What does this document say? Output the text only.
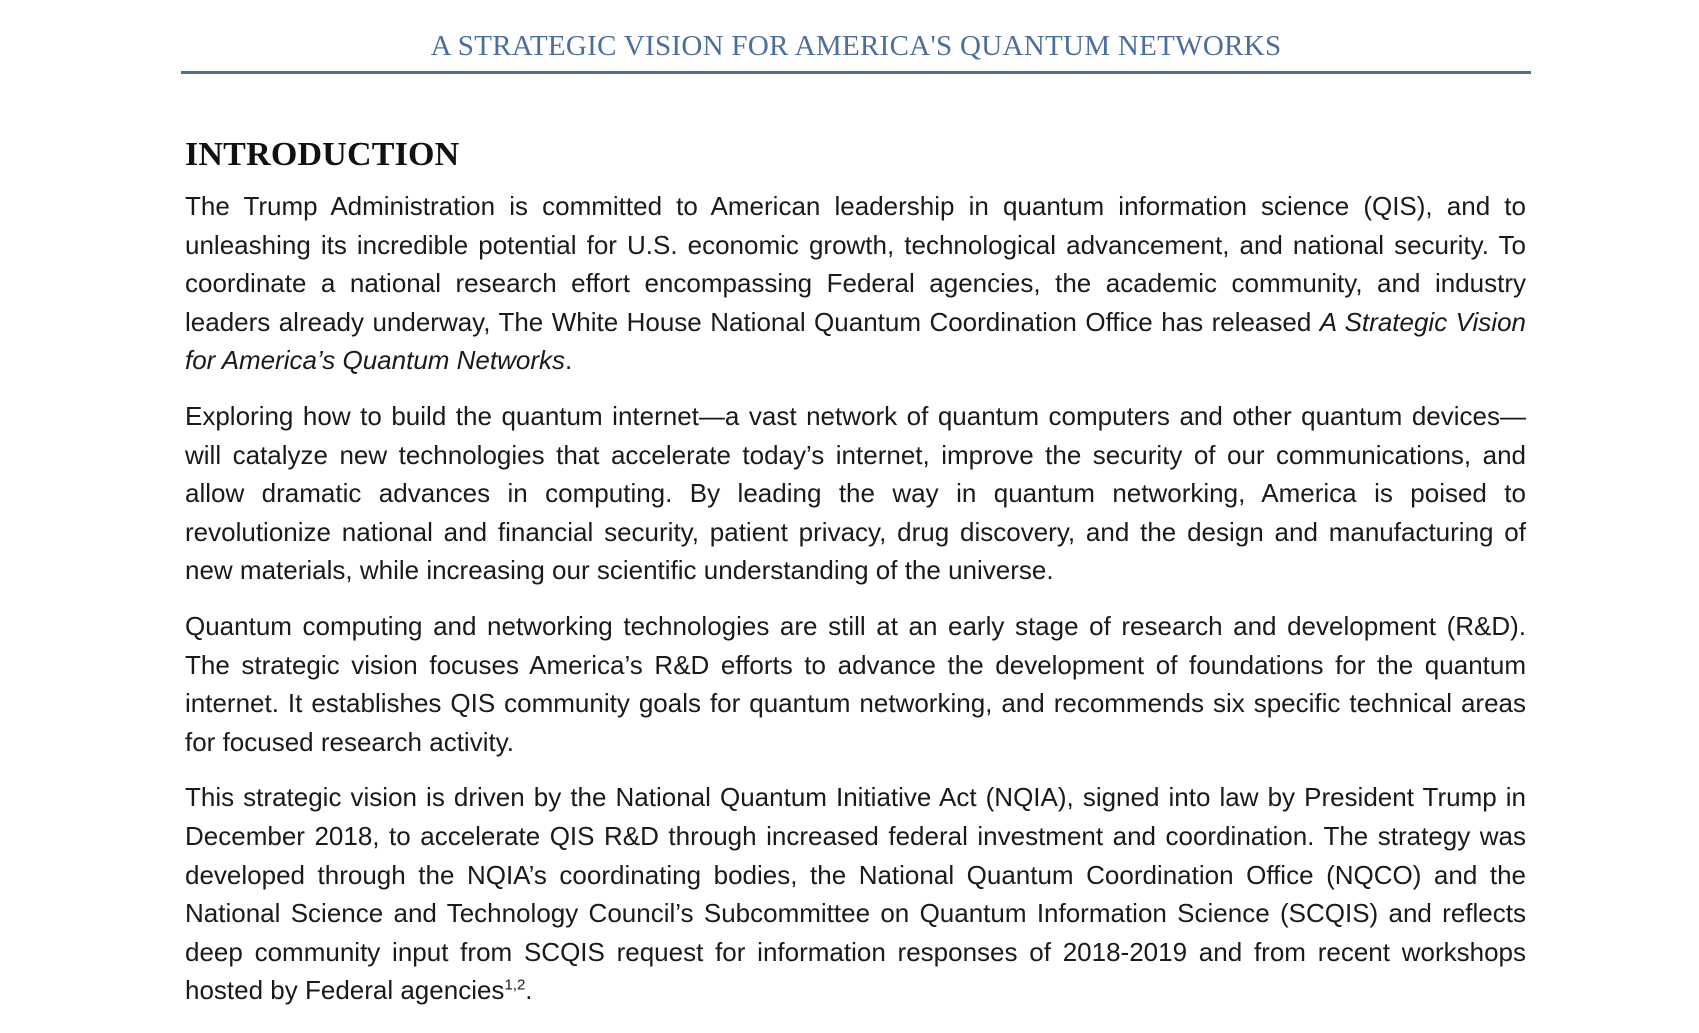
A STRATEGIC VISION FOR AMERICA'S QUANTUM NETWORKS
INTRODUCTION

The Trump Administration is committed to American leadership in quantum information science (QIS), and to unleashing its incredible potential for U.S. economic growth, technological advancement, and national security. To coordinate a national research effort encompassing Federal agencies, the academic community, and industry leaders already underway, The White House National Quantum Coordination Office has released A Strategic Vision for America’s Quantum Networks.

Exploring how to build the quantum internet—a vast network of quantum computers and other quantum devices—will catalyze new technologies that accelerate today’s internet, improve the security of our communications, and allow dramatic advances in computing. By leading the way in quantum networking, America is poised to revolutionize national and financial security, patient privacy, drug discovery, and the design and manufacturing of new materials, while increasing our scientific understanding of the universe.

Quantum computing and networking technologies are still at an early stage of research and development (R&D). The strategic vision focuses America’s R&D efforts to advance the development of foundations for the quantum internet. It establishes QIS community goals for quantum networking, and recommends six specific technical areas for focused research activity.

This strategic vision is driven by the National Quantum Initiative Act (NQIA), signed into law by President Trump in December 2018, to accelerate QIS R&D through increased federal investment and coordination. The strategy was developed through the NQIA’s coordinating bodies, the National Quantum Coordination Office (NQCO) and the National Science and Technology Council’s Subcommittee on Quantum Information Science (SCQIS) and reflects deep community input from SCQIS request for information responses of 2018-2019 and from recent workshops hosted by Federal agencies$^{1,2}$.
